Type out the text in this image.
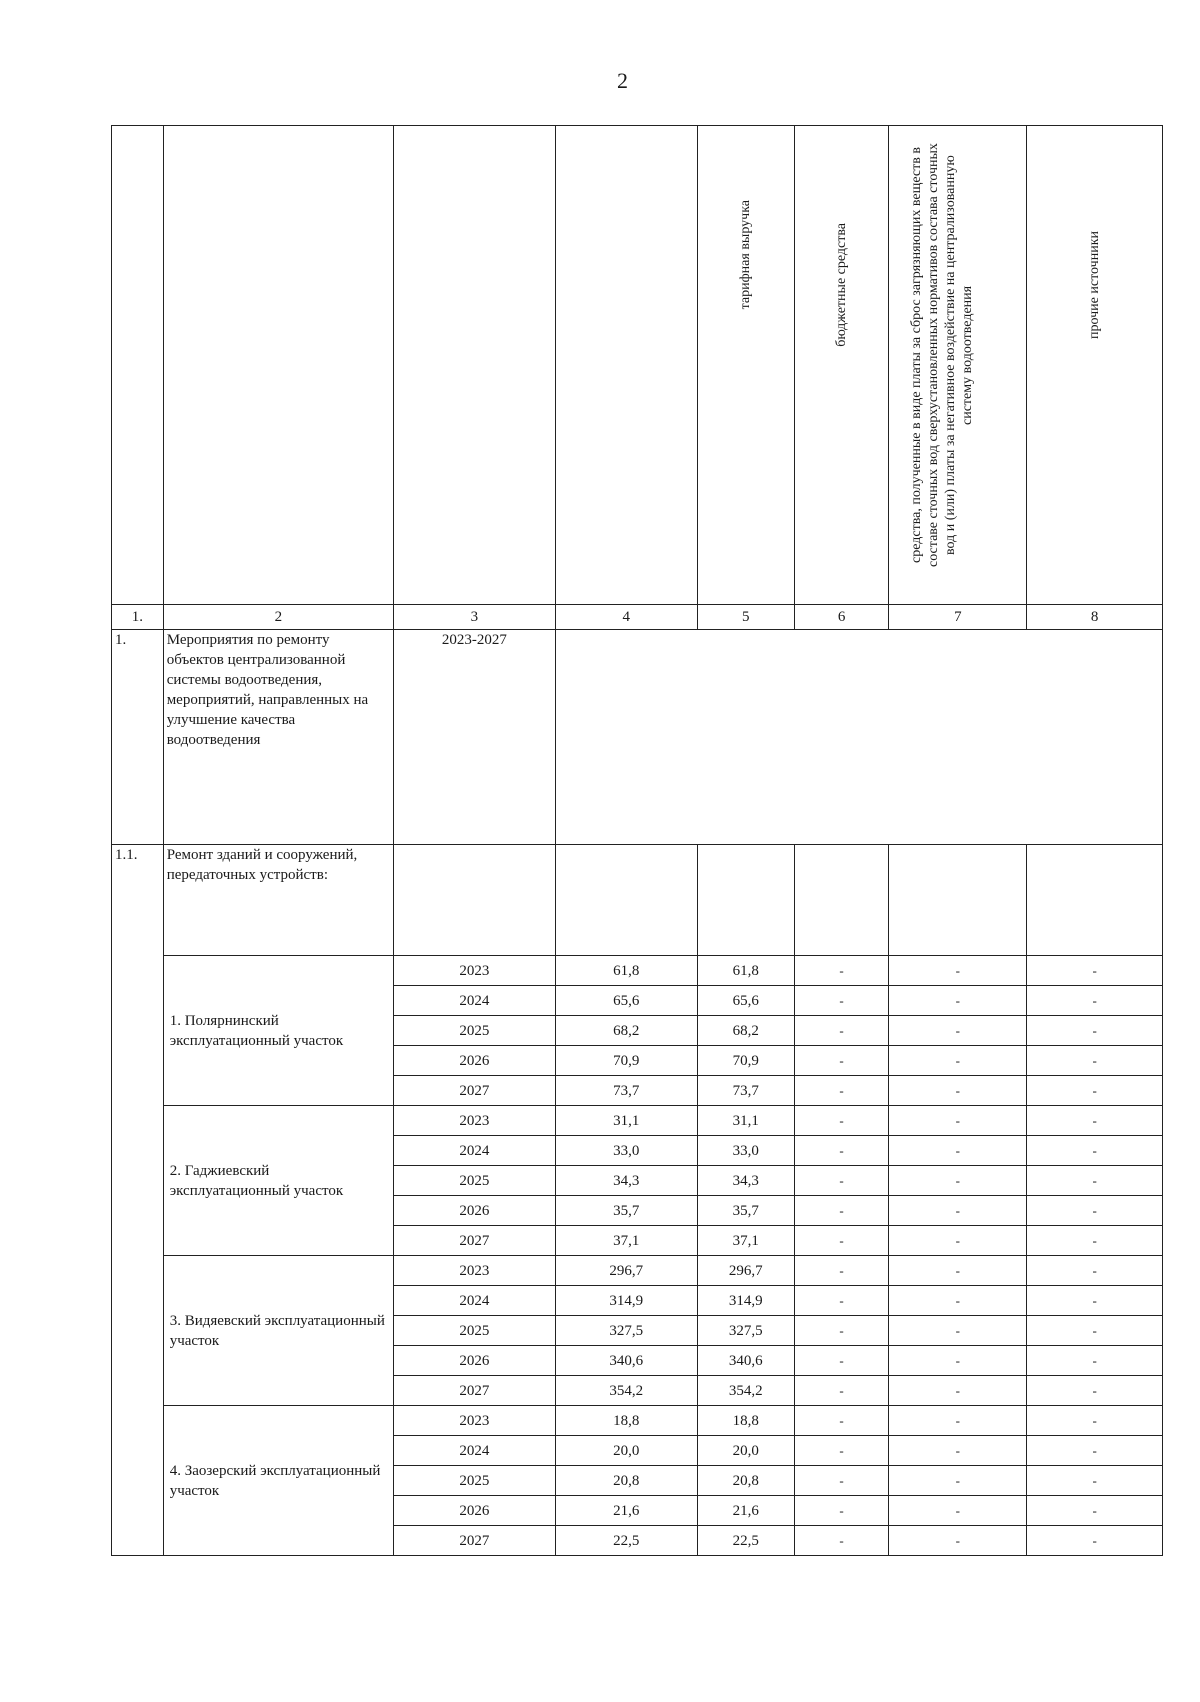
2

				тарифная выручка	бюджетные средства	средства, полученные в виде платы за сброс загрязняющих веществ в составе сточных вод сверхустановленных нормативов состава сточных вод и (или) платы за негативное воздействие на централизованную систему водоотведения	прочие источники

1.	2	3	4	5	6	7	8
1.	Мероприятия по ремонту объектов централизованной системы водоотведения, мероприятий, направленных на улучшение качества водоотведения	2023-2027					
1.1.	Ремонт зданий и сооружений, передаточных устройств:						
	1. Полярнинский эксплуатационный участок	2023	61,8	61,8	-	-	-
		2024	65,6	65,6	-	-	-
		2025	68,2	68,2	-	-	-
		2026	70,9	70,9	-	-	-
		2027	73,7	73,7	-	-	-
	2. Гаджиевский эксплуатационный участок	2023	31,1	31,1	-	-	-
		2024	33,0	33,0	-	-	-
		2025	34,3	34,3	-	-	-
		2026	35,7	35,7	-	-	-
		2027	37,1	37,1	-	-	-
	3. Видяевский эксплуатационный участок	2023	296,7	296,7	-	-	-
		2024	314,9	314,9	-	-	-
		2025	327,5	327,5	-	-	-
		2026	340,6	340,6	-	-	-
		2027	354,2	354,2	-	-	-
	4. Заозерский эксплуатационный участок	2023	18,8	18,8	-	-	-
		2024	20,0	20,0	-	-	-
		2025	20,8	20,8	-	-	-
		2026	21,6	21,6	-	-	-
		2027	22,5	22,5	-	-	-
